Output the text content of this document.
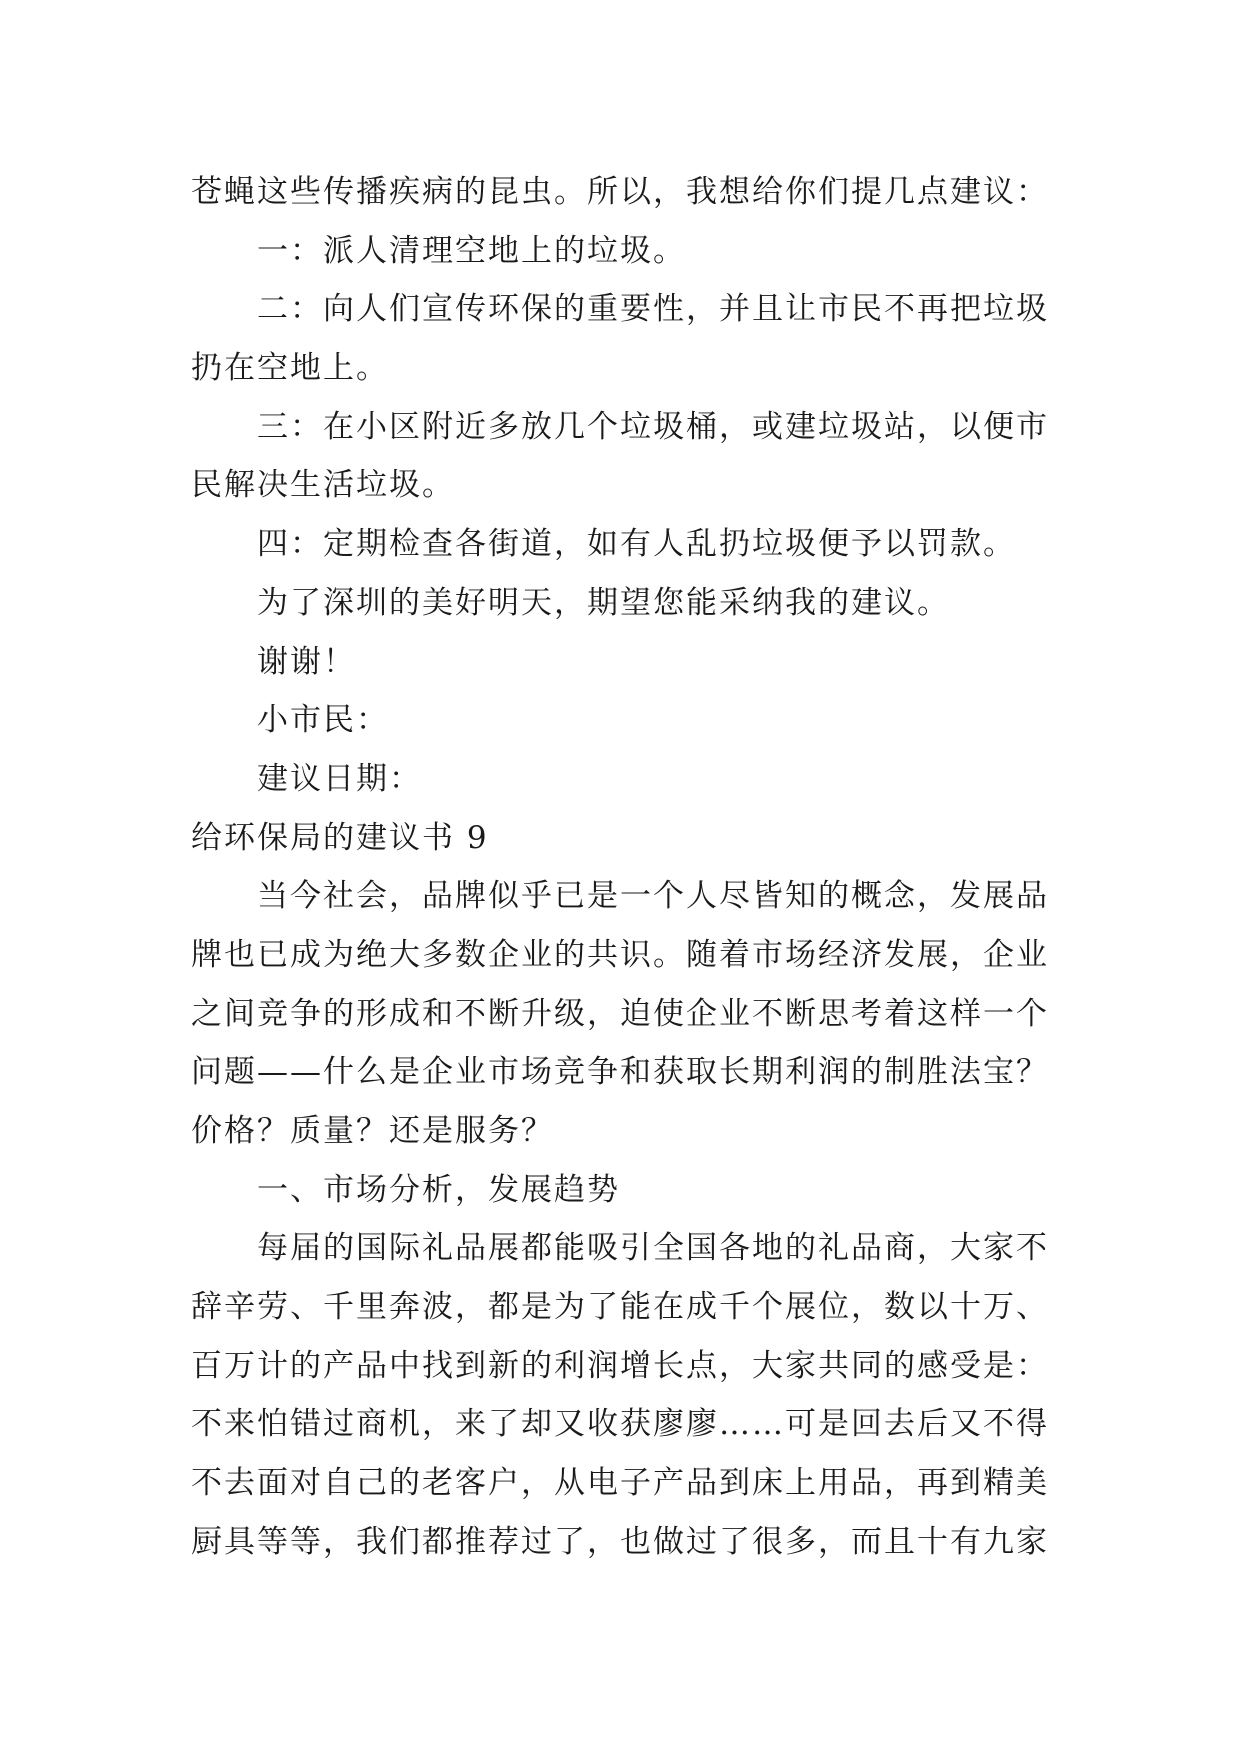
苍蝇这些传播疾病的昆虫。所以，我想给你们提几点建议：
一：派人清理空地上的垃圾。
二：向人们宣传环保的重要性，并且让市民不再把垃圾
扔在空地上。
三：在小区附近多放几个垃圾桶，或建垃圾站，以便市
民解决生活垃圾。
四：定期检查各街道，如有人乱扔垃圾便予以罚款。
为了深圳的美好明天，期望您能采纳我的建议。
谢谢！
小市民：
建议日期：
给环保局的建议书 9
当今社会，品牌似乎已是一个人尽皆知的概念，发展品
牌也已成为绝大多数企业的共识。随着市场经济发展，企业
之间竞争的形成和不断升级，迫使企业不断思考着这样一个
问题——什么是企业市场竞争和获取长期利润的制胜法宝？
价格？质量？还是服务？
一、市场分析，发展趋势
每届的国际礼品展都能吸引全国各地的礼品商，大家不
辞辛劳、千里奔波，都是为了能在成千个展位，数以十万、
百万计的产品中找到新的利润增长点，大家共同的感受是：
不来怕错过商机，来了却又收获廖廖……可是回去后又不得
不去面对自己的老客户，从电子产品到床上用品，再到精美
厨具等等，我们都推荐过了，也做过了很多，而且十有九家
